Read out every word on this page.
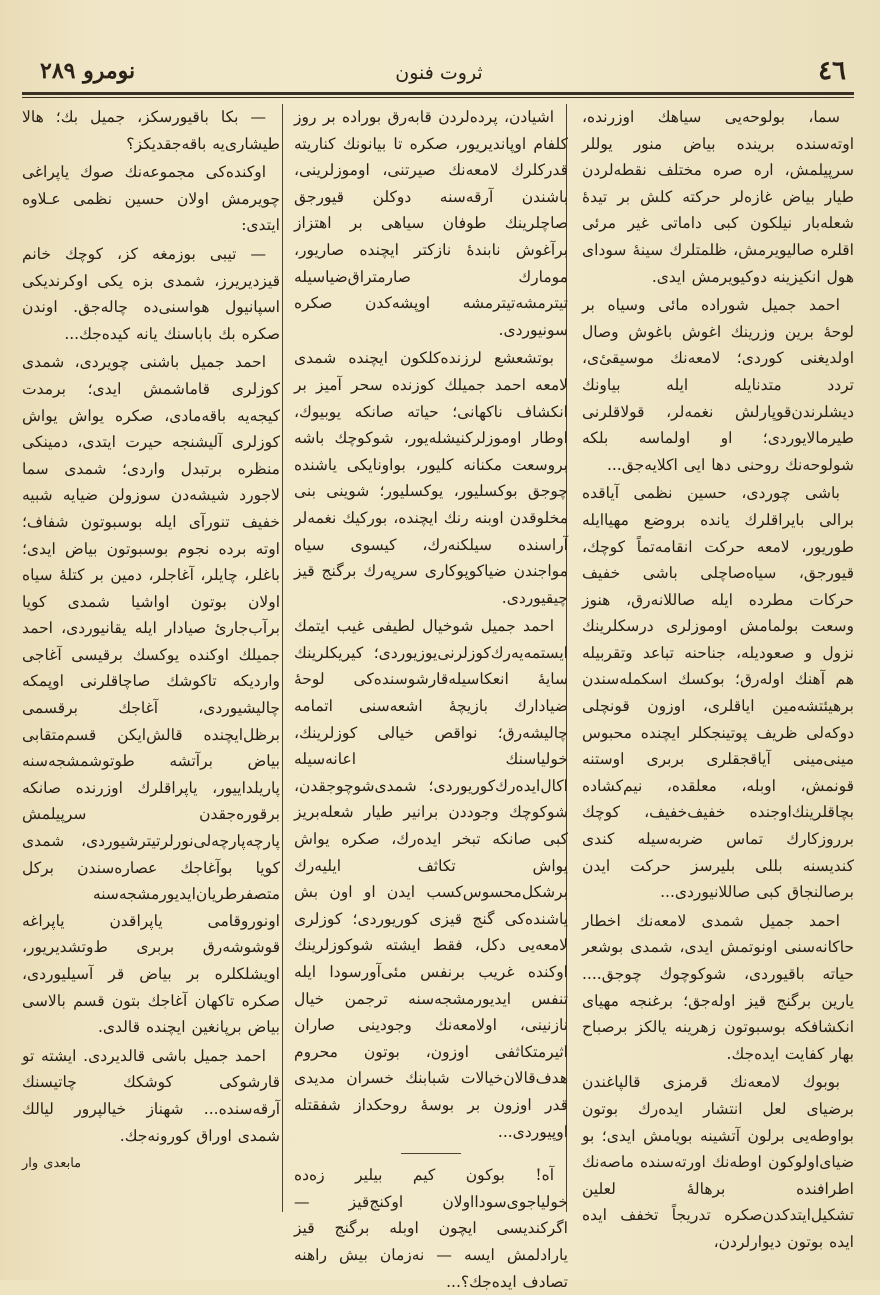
٤٦
ثروت فنون
نومرو ٢٨٩

سما، بولوحه‌یی سیاهك اوزرنده، اوته‌سنده برینده بیاض منور یوللر سرپیلمش، اره صره مختلف نقطه‌لردن طیار بیاض غازه‌لر حركته كلش بر تیده‌ٔ شعله‌بار نیلكون كبی داماتی غیر مرئی اقلره صالیویرمش، ظلمتلرك سینه‌ٔ سودای هول انكیزینه دوكیویرمش ایدی.

احمد جمیل شوراده مائی وسیاه بر لوحه‌ٔ برین وزرینك اغوش باغوش وصال اولدیغنی كوردی؛ لامعه‌نك موسیقیٔ‌ی، تردد متدنایله ایله بیاونك دیشلرندن‌قوپارلش نغمه‌لر، قولاقلرنی طیرمالایوردی؛ او اولماسه بلكه شولوحه‌نك روحنی دها ایی اكلایه‌جق...

باشی چوردی، حسین نظمی آیاقده برالی بایراقلرك یانده بروضع مهیاایله طوریور، لامعه حركت انقامه‌تماً كوچك، قیورجق، سیاه‌صاچلی باشی خفیف حركات مطرده ایله صاللانه‌رق، هنوز وسعت بولما‌مش اوموزلری درسكلرینك نزول و صعودیله، جناحنه تباعد وتقربیله هم آهنك اوله‌رق؛ بوكسك اسكمله‌سندن برهیئتشه‌مین ایاقلری، اوزون قونچلی دوكه‌لی ظریف پوتینجكلر ایچنده محبوس مینی‌مینی آیاقجقلری بربری اوستنه قونمش، اوبله، معلقده، نیم‌كشاده بچاقلرینك‌اوجنده خفیف‌خفیف، كوچك برروزكارك تماس ضربه‌سیله كندی كندیسنه بللی بلیرسز حركت ایدن برصا‌لنجاق كبی صاللانیوردی...

احمد جمیل شمدی لامعه‌نك اخطار حاكانه‌سنی اونوتمش ایدی، شمدی بوشعر حیاته باقیوردی، شوكوچوك چوجق.... یارین برگنج قیز اوله‌جق؛ برغنجه مهیای انكشافكه بوسبوتون زهرینه یالكز برصباح بهار كفایت ایده‌جك.

بوبوك لامعه‌نك قرمزی قالپاغندن برضیای لعل انتشار ایده‌رك بوتون بواوطه‌یی برلون آتشینه بویامش ایدی؛ بو ضیای‌اولوكون اوطه‌نك اورته‌سنده ماصه‌نك اطرافنده برهاله‌ٔ لعلین تشكیل‌ایتدكدن‌صكره تدریجاً تخفف ایده ایده بوتون دیوارلردن،

اشیادن، پرده‌لردن قابه‌رق بوراده بر روز كلفام اوپاندیریور، صكره تا بیانونك كناریته قدركلرك لامعه‌نك صیرتنی، اوموزلرینی، باشندن آرقه‌سنه دوكلن قیورجق صاچلر‌ینك طوفان سیاهی بر اهتزاز برآغوش نابندهٔ نازكتر ایچنده صاریور، مومارك صارمتراق‌ضیاسیله تیترمشه‌تیترمشه اوپشه‌كدن صكره سونیوردی.

بوتشعشع لرزنده‌كلكون ایچنده شمدی لامعه احمد جمیلك كوزنده سحر آمیز بر انكشاف ناكهانی؛ حیاته صانكه یوبیوك، اوطار اوموزلركنیشله‌یور، شوكوچك باشه بروسعت مكنانه كلیور، بواونایكی یاشنده چوجق بوكسلیور، یوكسلیور؛ شوینی بنی مخلوقدن اوبنه رنك ایچنده، بوركیك نغمه‌لر آراسنده سیلكنه‌رك، كیسوی سیاه مواجندن ضیاكوپوكاری سرپه‌رك برگنج قیز چیقیوردی.

احمد جمیل شوخیال لطیفی غیب ایتمك ایستمه‌یه‌رك‌كوزلرنی‌یوزیوردی؛ كیریكلرینك سایهٔ انعكاسیله‌قارشوسنده‌كی لوحهٔ ضیادارك بازیچهٔ اشعه‌سنی اتمامه چالیشه‌رق؛ نواقص خیالی كوزلرینك، خولیاسنك اعانه‌سیله اكال‌ایده‌رك‌كوریوردی؛ شمدی‌شوچوجقدن، شوكوچك وجوددن برانیر طیار شعله‌بریز كبی صانكه تبخر ایده‌رك، صكره یواش یواش تكاثف ایلیه‌رك برشكل‌محسوس‌كسب ایدن او اون بش یاشنده‌كی گنج قیزی كوریوردی؛ كوزلری لامعه‌یی دكل، فقط ایشته شوكوزلرینك اوكنده غریب برنفس مئی‌آورسودا ایله تنفس ایدیورمشجه‌سنه ترجمن خیال نازنینی، اولامعه‌نك وجودینی صاران اثیرمتكاثفی اوزون، بوتون محروم هدف‌قالان‌خیالات شبابنك خسران مدیدی قدر اوزون بر بوسهٔ روحكداز شفقتله اوپیوردی...

آه! بوكون كیم بیلیر زه‌ده خولیا‌جوی‌سودا‌اولان اوكنج‌قیز — اگركندیسی ایچون اوبله برگنج قیز یارادلمش ایسه — نه‌زمان بیش راهنه تصادف ایده‌جك؟...

— بكا باقیورسكز، جمیل بك؛ هالا طیشاری‌یه باقه‌جقدیكز؟

اوكنده‌كی مجموعه‌نك صوك یاپراغی چویرمش اولان حسین نظمی عـلاوه ایتدی:

— تیبی بوزمغه كز، كوچك خانم قیزدیریرز، شمدی بزه یكی اوكرندیكی اسپانیول هواسنی‌ده چاله‌جق. اوندن صكره بك باباسنك یانه كیده‌جك...

احمد جمیل باشنی چویردی، شمدی كوزلری قاماشمش ایدی؛ برمدت كیجه‌یه باقه‌مادی، صكره یواش یواش كوزلری آلیشنجه حیرت ایتدی، دمینكی منظره برتبدل واردی؛ شمدی سما لاجورد شیشه‌دن سوزولن ضیایه شبیه خفیف تنورآی ایله بوسبوتون شفاف؛ اوته برده نجوم بوسبوتون بیاض ایدی؛ باغلر، چایلر، آغاجلر، دمین بر كتلهٔ سیاه اولان بوتون اواشیا شمدی كویا برآب‌جاریٔ صیادار ایله یقانیوردی، احمد جمیلك اوكنده یوكسك برقیسی آغاجی واردیكه تاكوشك صاچاقلرنی اوپمكه چالیشیوردی، آغاجك برقسمی برظل‌ایچنده قالش‌ایكن قسم‌متقابی بیاض برآتشه طوتوشمشجه‌سنه پاریلداییور، یاپراقلرك اوزرنده صانكه برقوره‌جقدن سر‌پیلمش پارچه‌پارچه‌لی‌نورلرتیترشیوردی، شمدی كویا بوآغاجك عصاره‌سندن بركل متصفرطریان‌ایدیورمشجه‌سنه اونوروقامی یاپراقدن یاپراغه قوشوشه‌رق بربری ط‌وتشدیریور، اویشلكلره بر بیاض قر آسیلیوردی، صكره تاكهان آغاجك بتون قسم بالاسی بیاض برپانغین ایچنده قالدی.

احمد جمیل باشی قالدیردی. ایشته تو قارشوكی كوشكك چاتیسنك آرقه‌سنده... شهناز خیالپرور لیالك شمدی اوراق كورونه‌جك.

مابعدی وار
